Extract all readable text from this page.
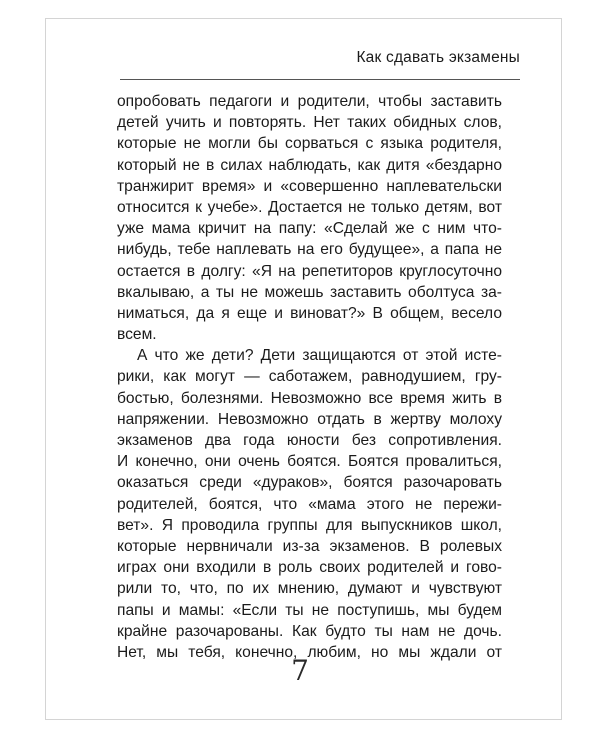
Как сдавать экзамены
опробовать педагоги и родители, чтобы заставить
детей учить и повторять. Нет таких обидных слов,
которые не могли бы сорваться с языка родителя,
который не в силах наблюдать, как дитя «бездарно
транжирит время» и «совершенно наплевательски
относится к учебе». Достается не только детям, вот
уже мама кричит на папу: «Сделай же с ним что-
нибудь, тебе наплевать на его будущее», а папа не
остается в долгу: «Я на репетиторов круглосуточно
вкалываю, а ты не можешь заставить оболтуса за-
ниматься, да я еще и виноват?» В общем, весело
всем.
А что же дети? Дети защищаются от этой исте-
рики, как могут — саботажем, равнодушием, гру-
бостью, болезнями. Невозможно все время жить в
напряжении. Невозможно отдать в жертву молоху
экзаменов два года юности без сопротивления.
И конечно, они очень боятся. Боятся провалиться,
оказаться среди «дураков», боятся разочаровать
родителей, боятся, что «мама этого не пережи-
вет». Я проводила группы для выпускников школ,
которые нервничали из-за экзаменов. В ролевых
играх они входили в роль своих родителей и гово-
рили то, что, по их мнению, думают и чувствуют
папы и мамы: «Если ты не поступишь, мы будем
крайне разочарованы. Как будто ты нам не дочь.
Нет, мы тебя, конечно, любим, но мы ждали от
7
